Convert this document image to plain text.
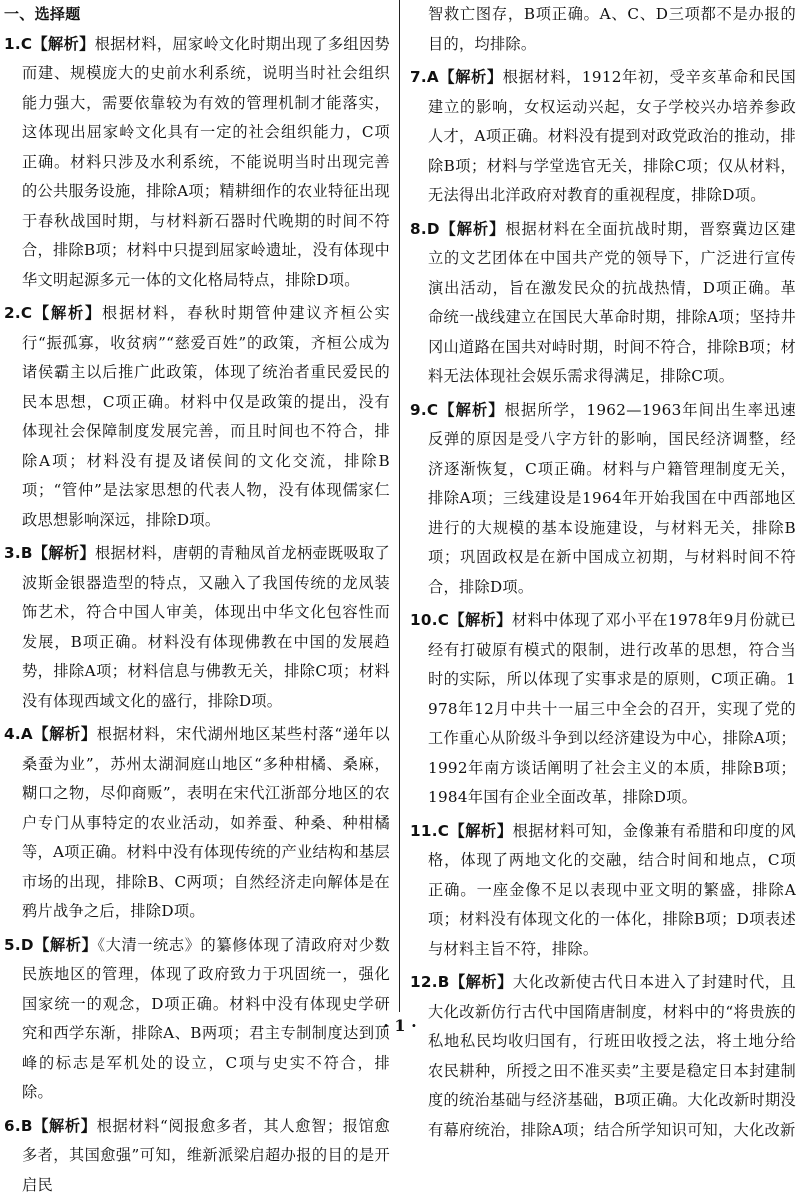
一、选择题
1.C【解析】根据材料，屈家岭文化时期出现了多组因势而建、规模庞大的史前水利系统，说明当时社会组织能力强大，需要依靠较为有效的管理机制才能落实，这体现出屈家岭文化具有一定的社会组织能力，C项正确。材料只涉及水利系统，不能说明当时出现完善的公共服务设施，排除A项；精耕细作的农业特征出现于春秋战国时期，与材料新石器时代晚期的时间不符合，排除B项；材料中只提到屈家岭遗址，没有体现中华文明起源多元一体的文化格局特点，排除D项。
2.C【解析】根据材料，春秋时期管仲建议齐桓公实行“振孤寡，收贫病”“慈爱百姓”的政策，齐桓公成为诸侯霸主以后推广此政策，体现了统治者重民爱民的民本思想，C项正确。材料中仅是政策的提出，没有体现社会保障制度发展完善，而且时间也不符合，排除A项；材料没有提及诸侯间的文化交流，排除B项；“管仲”是法家思想的代表人物，没有体现儒家仁政思想影响深远，排除D项。
3.B【解析】根据材料，唐朝的青釉凤首龙柄壶既吸取了波斯金银器造型的特点，又融入了我国传统的龙凤装饰艺术，符合中国人审美，体现出中华文化包容性而发展，B项正确。材料没有体现佛教在中国的发展趋势，排除A项；材料信息与佛教无关，排除C项；材料没有体现西域文化的盛行，排除D项。
4.A【解析】根据材料，宋代湖州地区某些村落“递年以桑蚕为业”，苏州太湖洞庭山地区“多种柑橘、桑麻，糊口之物，尽仰商贩”，表明在宋代江浙部分地区的农户专门从事特定的农业活动，如养蚕、种桑、种柑橘等，A项正确。材料中没有体现传统的产业结构和基层市场的出现，排除B、C两项；自然经济走向解体是在鸦片战争之后，排除D项。
5.D【解析】《大清一统志》的纂修体现了清政府对少数民族地区的管理，体现了政府致力于巩固统一，强化国家统一的观念，D项正确。材料中没有体现史学研究和西学东渐，排除A、B两项；君主专制制度达到顶峰的标志是军机处的设立，C项与史实不符合，排除。
6.B【解析】根据材料“阅报愈多者，其人愈智；报馆愈多者，其国愈强”可知，维新派梁启超办报的目的是开启民
智救亡图存，B项正确。A、C、D三项都不是办报的目的，均排除。
7.A【解析】根据材料，1912年初，受辛亥革命和民国建立的影响，女权运动兴起，女子学校兴办培养参政人才，A项正确。材料没有提到对政党政治的推动，排除B项；材料与学堂选官无关，排除C项；仅从材料，无法得出北洋政府对教育的重视程度，排除D项。
8.D【解析】根据材料在全面抗战时期，晋察冀边区建立的文艺团体在中国共产党的领导下，广泛进行宣传演出活动，旨在激发民众的抗战热情，D项正确。革命统一战线建立在国民大革命时期，排除A项；坚持井冈山道路在国共对峙时期，时间不符合，排除B项；材料无法体现社会娱乐需求得满足，排除C项。
9.C【解析】根据所学，1962—1963年间出生率迅速反弹的原因是受八字方针的影响，国民经济调整，经济逐渐恢复，C项正确。材料与户籍管理制度无关，排除A项；三线建设是1964年开始我国在中西部地区进行的大规模的基本设施建设，与材料无关，排除B项；巩固政权是在新中国成立初期，与材料时间不符合，排除D项。
10.C【解析】材料中体现了邓小平在1978年9月份就已经有打破原有模式的限制，进行改革的思想，符合当时的实际，所以体现了实事求是的原则，C项正确。1978年12月中共十一届三中全会的召开，实现了党的工作重心从阶级斗争到以经济建设为中心，排除A项；1992年南方谈话阐明了社会主义的本质，排除B项；1984年国有企业全面改革，排除D项。
11.C【解析】根据材料可知，金像兼有希腊和印度的风格，体现了两地文化的交融，结合时间和地点，C项正确。一座金像不足以表现中亚文明的繁盛，排除A项；材料没有体现文化的一体化，排除B项；D项表述与材料主旨不符，排除。
12.B【解析】大化改新使古代日本进入了封建时代，且大化改新仿行古代中国隋唐制度，材料中的“将贵族的私地私民均收归国有，行班田收授之法，将土地分给农民耕种，所授之田不准买卖”主要是稳定日本封建制度的统治基础与经济基础，B项正确。大化改新时期没有幕府统治，排除A项；结合所学知识可知，大化改新
· 1 ·
